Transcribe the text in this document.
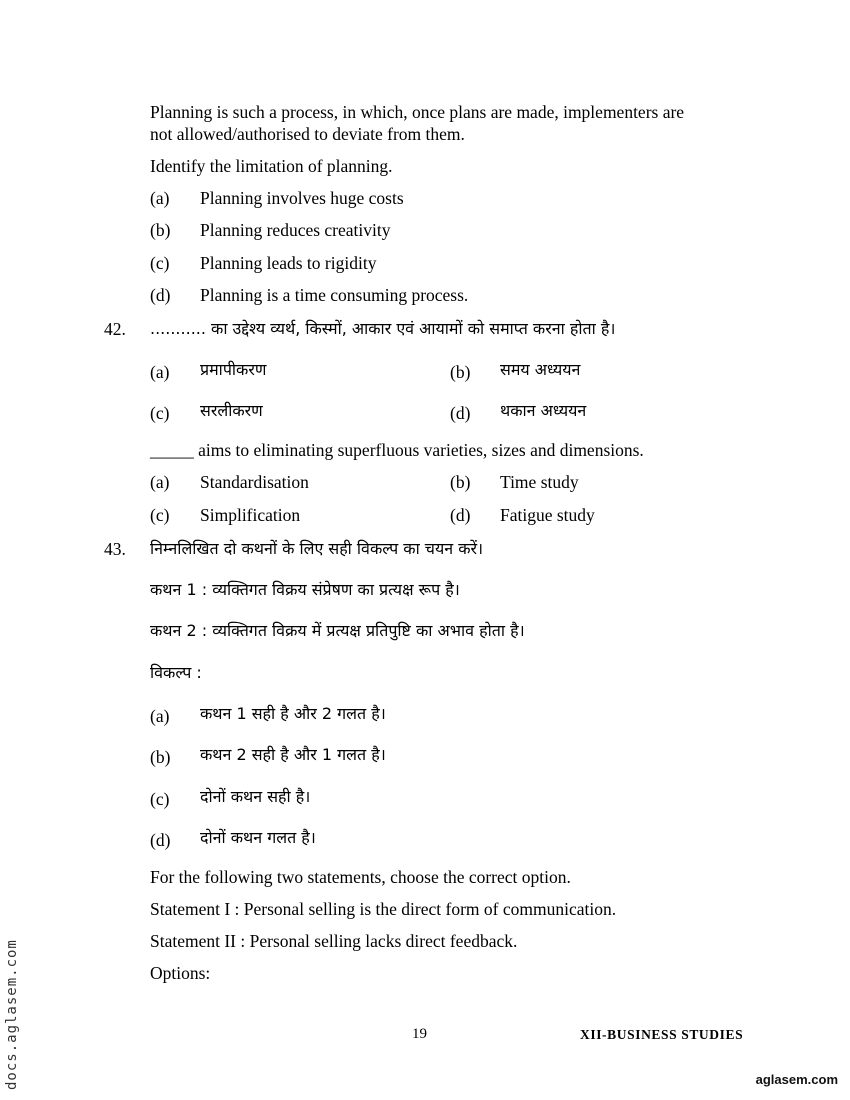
Planning is such a process, in which, once plans are made, implementers are
not allowed/authorised to deviate from them.
Identify the limitation of planning.
(a) Planning involves huge costs
(b) Planning reduces creativity
(c) Planning leads to rigidity
(d) Planning is a time consuming process.
42. ........... का उद्देश्य व्यर्थ, किस्मों, आकार एवं आयामों को समाप्त करना होता है।
(a) प्रमापीकरण	(b) समय अध्ययन
(c) सरलीकरण	(d) थकान अध्ययन
_____ aims to eliminating superfluous varieties, sizes and dimensions.
(a) Standardisation	(b) Time study
(c) Simplification	(d) Fatigue study
43. निम्नलिखित दो कथनों के लिए सही विकल्प का चयन करें।
कथन 1 : व्यक्तिगत विक्रय संप्रेषण का प्रत्यक्ष रूप है।
कथन 2 : व्यक्तिगत विक्रय में प्रत्यक्ष प्रतिपुष्टि का अभाव होता है।
विकल्प :
(a) कथन 1 सही है और 2 गलत है।
(b) कथन 2 सही है और 1 गलत है।
(c) दोनों कथन सही है।
(d) दोनों कथन गलत है।
For the following two statements, choose the correct option.
Statement I : Personal selling is the direct form of communication.
Statement II : Personal selling lacks direct feedback.
Options:
19	XII-BUSINESS STUDIES
docs.aglasem.com	aglasem.com
